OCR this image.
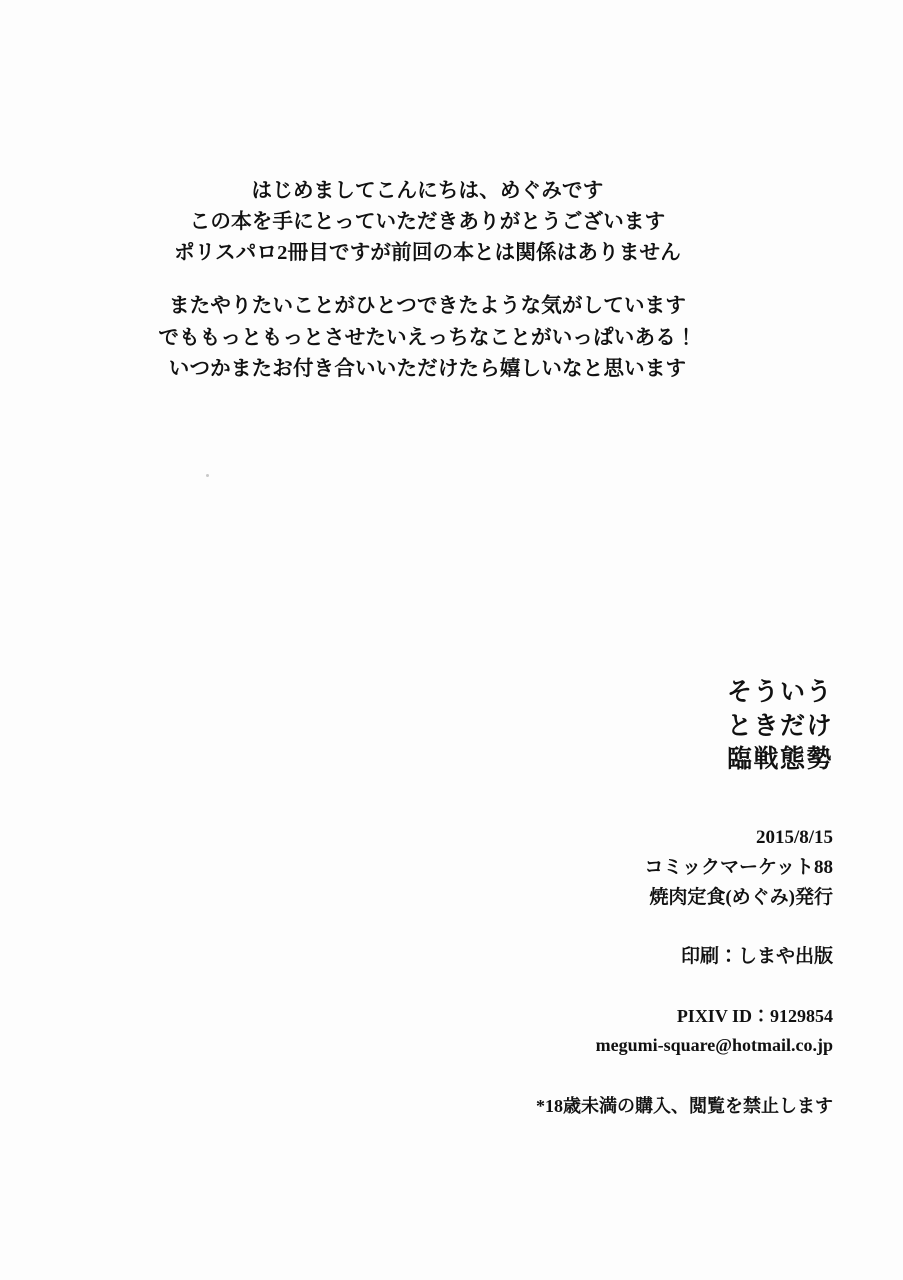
はじめましてこんにちは、めぐみです
この本を手にとっていただきありがとうございます
ポリスパロ2冊目ですが前回の本とは関係はありません
またやりたいことがひとつできたような気がしています
でももっともっとさせたいえっちなことがいっぱいある！
いつかまたお付き合いいただけたら嬉しいなと思います
そういう
ときだけ
臨戦態勢
2015/8/15
コミックマーケット88
焼肉定食(めぐみ)発行
印刷：しまや出版
PIXIV ID：9129854
megumi-square@hotmail.co.jp
*18歳未満の購入、閲覧を禁止します
